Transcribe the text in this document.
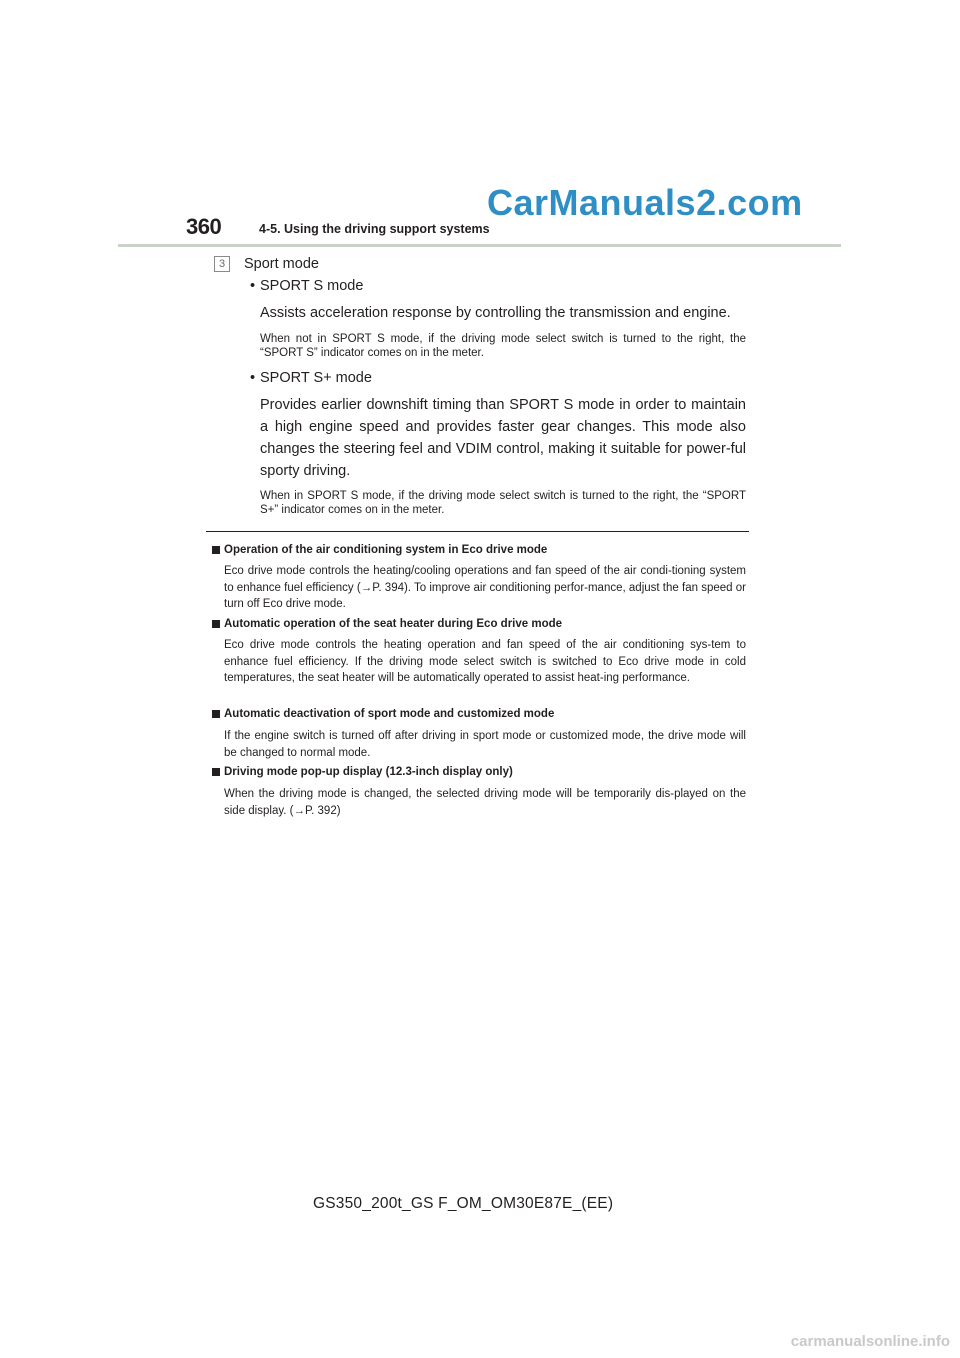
CarManuals2.com
360	4-5. Using the driving support systems
3	Sport mode
• SPORT S mode
Assists acceleration response by controlling the transmission and engine.
When not in SPORT S mode, if the driving mode select switch is turned to the right, the “SPORT S” indicator comes on in the meter.
• SPORT S+ mode
Provides earlier downshift timing than SPORT S mode in order to maintain a high engine speed and provides faster gear changes. This mode also changes the steering feel and VDIM control, making it suitable for power-ful sporty driving.
When in SPORT S mode, if the driving mode select switch is turned to the right, the “SPORT S+” indicator comes on in the meter.
Operation of the air conditioning system in Eco drive mode
Eco drive mode controls the heating/cooling operations and fan speed of the air condi-tioning system to enhance fuel efficiency (→P. 394). To improve air conditioning perfor-mance, adjust the fan speed or turn off Eco drive mode.
Automatic operation of the seat heater during Eco drive mode
Eco drive mode controls the heating operation and fan speed of the air conditioning sys-tem to enhance fuel efficiency. If the driving mode select switch is switched to Eco drive mode in cold temperatures, the seat heater will be automatically operated to assist heat-ing performance.
Automatic deactivation of sport mode and customized mode
If the engine switch is turned off after driving in sport mode or customized mode, the drive mode will be changed to normal mode.
Driving mode pop-up display (12.3-inch display only)
When the driving mode is changed, the selected driving mode will be temporarily dis-played on the side display. (→P. 392)
GS350_200t_GS F_OM_OM30E87E_(EE)
carmanualsonline.info
